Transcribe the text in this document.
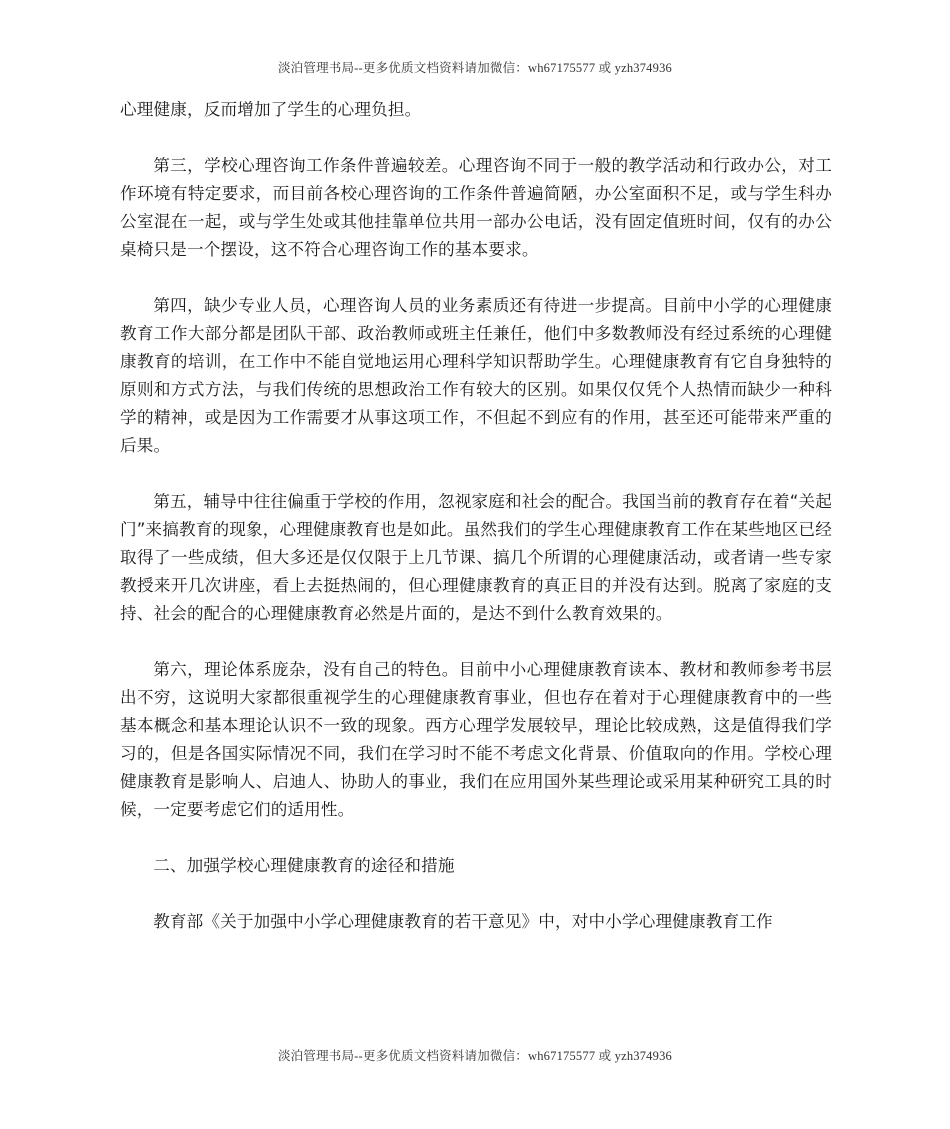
淡泊管理书局--更多优质文档资料请加微信：wh67175577 或 yzh374936

心理健康，反而增加了学生的心理负担。

第三，学校心理咨询工作条件普遍较差。心理咨询不同于一般的教学活动和行政办公，对工作环境有特定要求，而目前各校心理咨询的工作条件普遍简陋，办公室面积不足，或与学生科办公室混在一起，或与学生处或其他挂靠单位共用一部办公电话，没有固定值班时间，仅有的办公桌椅只是一个摆设，这不符合心理咨询工作的基本要求。

第四，缺少专业人员，心理咨询人员的业务素质还有待进一步提高。目前中小学的心理健康教育工作大部分都是团队干部、政治教师或班主任兼任，他们中多数教师没有经过系统的心理健康教育的培训，在工作中不能自觉地运用心理科学知识帮助学生。心理健康教育有它自身独特的原则和方式方法，与我们传统的思想政治工作有较大的区别。如果仅仅凭个人热情而缺少一种科学的精神，或是因为工作需要才从事这项工作，不但起不到应有的作用，甚至还可能带来严重的后果。

第五，辅导中往往偏重于学校的作用，忽视家庭和社会的配合。我国当前的教育存在着“关起门”来搞教育的现象，心理健康教育也是如此。虽然我们的学生心理健康教育工作在某些地区已经取得了一些成绩，但大多还是仅仅限于上几节课、搞几个所谓的心理健康活动，或者请一些专家教授来开几次讲座，看上去挺热闹的，但心理健康教育的真正目的并没有达到。脱离了家庭的支持、社会的配合的心理健康教育必然是片面的，是达不到什么教育效果的。

第六，理论体系庞杂，没有自己的特色。目前中小心理健康教育读本、教材和教师参考书层出不穷，这说明大家都很重视学生的心理健康教育事业，但也存在着对于心理健康教育中的一些基本概念和基本理论认识不一致的现象。西方心理学发展较早，理论比较成熟，这是值得我们学习的，但是各国实际情况不同，我们在学习时不能不考虑文化背景、价值取向的作用。学校心理健康教育是影响人、启迪人、协助人的事业，我们在应用国外某些理论或采用某种研究工具的时候，一定要考虑它们的适用性。

二、加强学校心理健康教育的途径和措施

教育部《关于加强中小学心理健康教育的若干意见》中，对中小学心理健康教育工作

淡泊管理书局--更多优质文档资料请加微信：wh67175577 或 yzh374936
